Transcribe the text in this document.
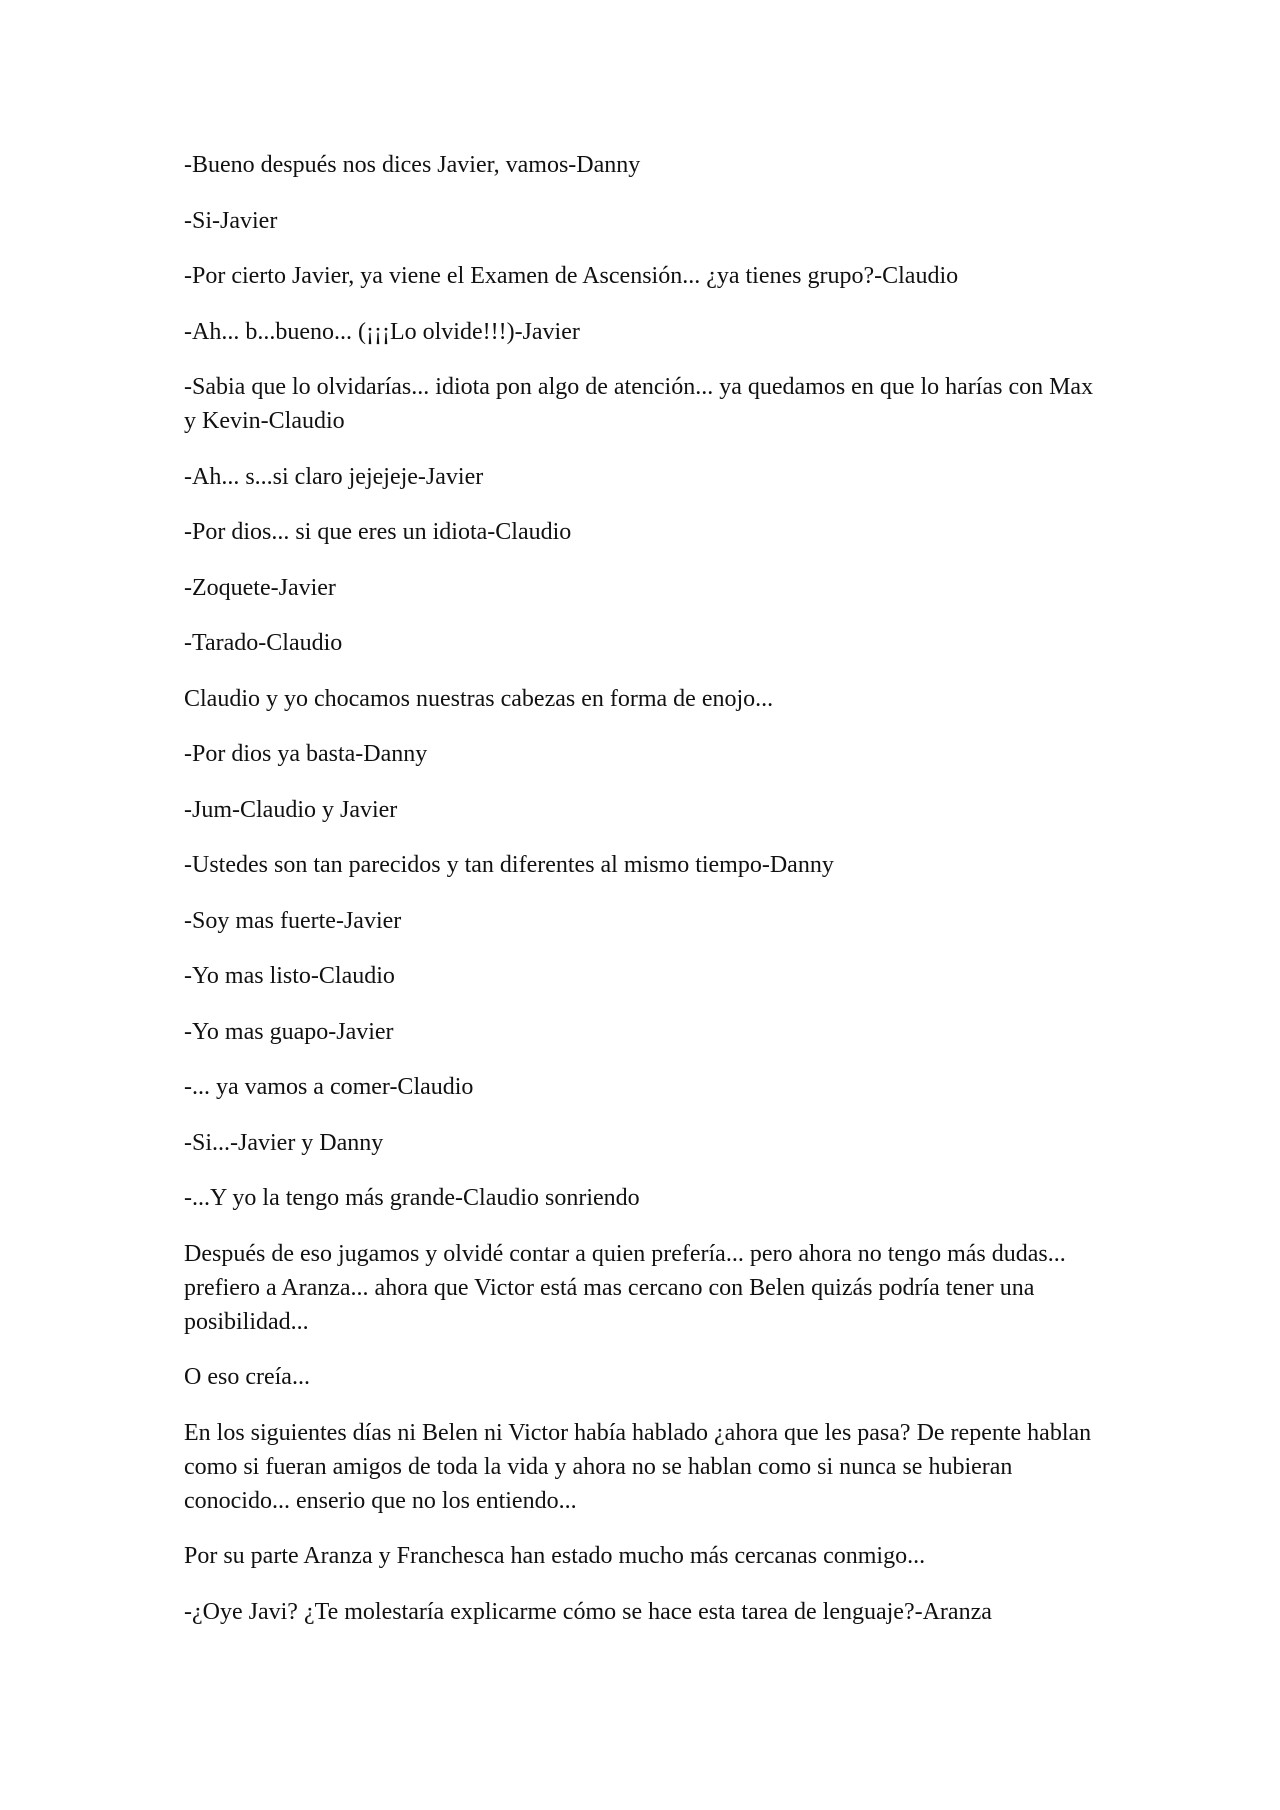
-Bueno después nos dices Javier, vamos-Danny

-Si-Javier

-Por cierto Javier, ya viene el Examen de Ascensión... ¿ya tienes grupo?-Claudio

-Ah... b...bueno... (¡¡¡Lo olvide!!!)-Javier

-Sabia que lo olvidarías... idiota pon algo de atención... ya quedamos en que lo harías con Max y Kevin-Claudio

-Ah... s...si claro jejejeje-Javier

-Por dios... si que eres un idiota-Claudio

-Zoquete-Javier

-Tarado-Claudio

Claudio y yo chocamos nuestras cabezas en forma de enojo...

-Por dios ya basta-Danny

-Jum-Claudio y Javier

-Ustedes son tan parecidos y tan diferentes al mismo tiempo-Danny

-Soy mas fuerte-Javier

-Yo mas listo-Claudio

-Yo mas guapo-Javier

-... ya vamos a comer-Claudio

-Si...-Javier y Danny

-...Y yo la tengo más grande-Claudio sonriendo

Después de eso jugamos y olvidé contar a quien prefería... pero ahora no tengo más dudas... prefiero a Aranza... ahora que Victor está mas cercano con Belen quizás podría tener una posibilidad...

O eso creía...

En los siguientes días ni Belen ni Victor había hablado ¿ahora que les pasa? De repente hablan como si fueran amigos de toda la vida y ahora no se hablan como si nunca se hubieran conocido... enserio que no los entiendo...

Por su parte Aranza y Franchesca han estado mucho más cercanas conmigo...

-¿Oye Javi? ¿Te molestaría explicarme cómo se hace esta tarea de lenguaje?-Aranza
